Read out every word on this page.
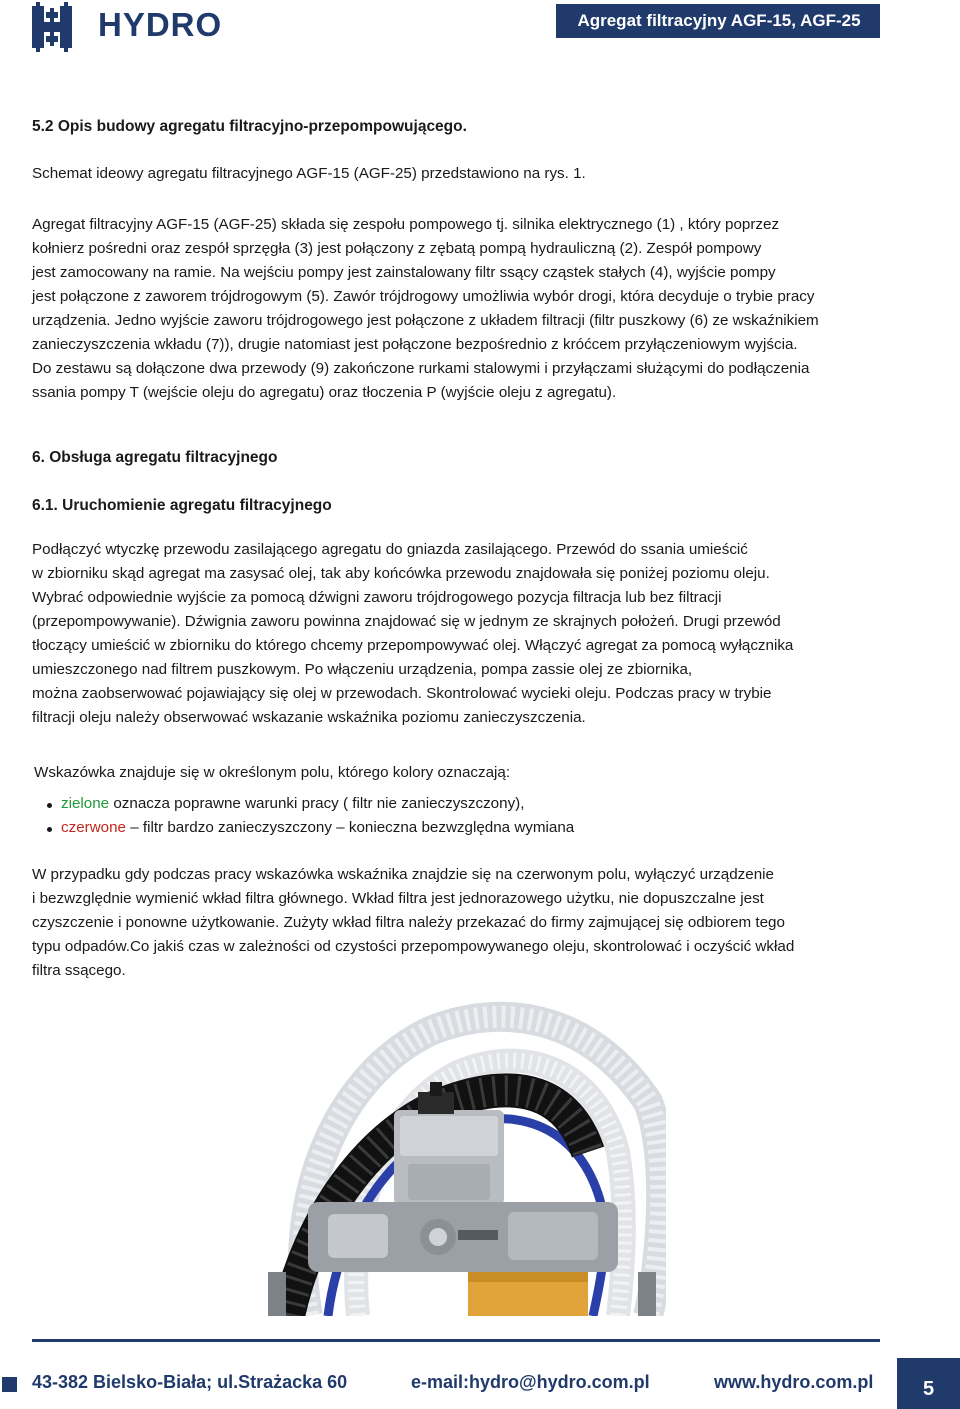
HYDRO	Agregat filtracyjny AGF-15, AGF-25
5.2 Opis budowy agregatu filtracyjno-przepompowującego.
Schemat ideowy agregatu filtracyjnego AGF-15 (AGF-25) przedstawiono na rys. 1.
Agregat filtracyjny AGF-15 (AGF-25) składa się zespołu pompowego tj. silnika elektrycznego (1) , który poprzez
kołnierz pośredni oraz zespół sprzęgła (3) jest połączony z zębatą pompą hydrauliczną (2). Zespół pompowy
jest zamocowany na ramie. Na wejściu pompy jest zainstalowany filtr ssący cząstek stałych (4), wyjście pompy
jest połączone z zaworem trójdrogowym (5). Zawór trójdrogowy umożliwia wybór drogi, która decyduje o trybie pracy
urządzenia. Jedno wyjście zaworu trójdrogowego jest połączone z układem filtracji (filtr puszkowy (6) ze wskaźnikiem
zanieczyszczenia wkładu (7)), drugie natomiast jest połączone bezpośrednio z króćcem przyłączeniowym wyjścia.
Do zestawu są dołączone dwa przewody (9) zakończone rurkami stalowymi i przyłączami służącymi do podłączenia
ssania pompy T (wejście oleju do agregatu) oraz tłoczenia P (wyjście oleju z agregatu).
6. Obsługa agregatu filtracyjnego
6.1. Uruchomienie agregatu filtracyjnego
Podłączyć wtyczkę przewodu zasilającego agregatu do gniazda zasilającego. Przewód do ssania umieścić
w zbiorniku skąd agregat ma zasysać olej, tak aby końcówka przewodu znajdowała się poniżej poziomu oleju.
Wybrać odpowiednie wyjście za pomocą dźwigni zaworu trójdrogowego pozycja filtracja lub bez filtracji
(przepompowywanie). Dźwignia zaworu powinna znajdować się w jednym ze skrajnych położeń. Drugi przewód
tłoczący umieścić w zbiorniku do którego chcemy przepompowywać olej. Włączyć agregat za pomocą wyłącznika
umieszczonego nad filtrem puszkowym. Po włączeniu urządzenia, pompa zassie olej ze zbiornika,
można zaobserwować pojawiający się olej w przewodach. Skontrolować wycieki oleju. Podczas pracy w trybie
filtracji oleju należy obserwować wskazanie wskaźnika poziomu zanieczyszczenia.
Wskazówka znajduje się w określonym polu, którego kolory oznaczają:
zielone oznacza poprawne warunki pracy ( filtr nie zanieczyszczony),
czerwone – filtr bardzo zanieczyszczony – konieczna bezwzględna wymiana
W przypadku gdy podczas pracy wskazówka wskaźnika znajdzie się na czerwonym polu, wyłączyć urządzenie
i bezwzględnie wymienić wkład filtra głównego. Wkład filtra jest jednorazowego użytku, nie dopuszczalne jest
czyszczenie i ponowne użytkowanie. Zużyty wkład filtra należy przekazać do firmy zajmującej się odbiorem tego
typu odpadów.Co jakiś czas w zależności od czystości przepompowywanego oleju, skontrolować i oczyścić wkład
filtra ssącego.
43-382 Bielsko-Biała; ul.Strażacka 60	e-mail:hydro@hydro.com.pl	www.hydro.com.pl	5
